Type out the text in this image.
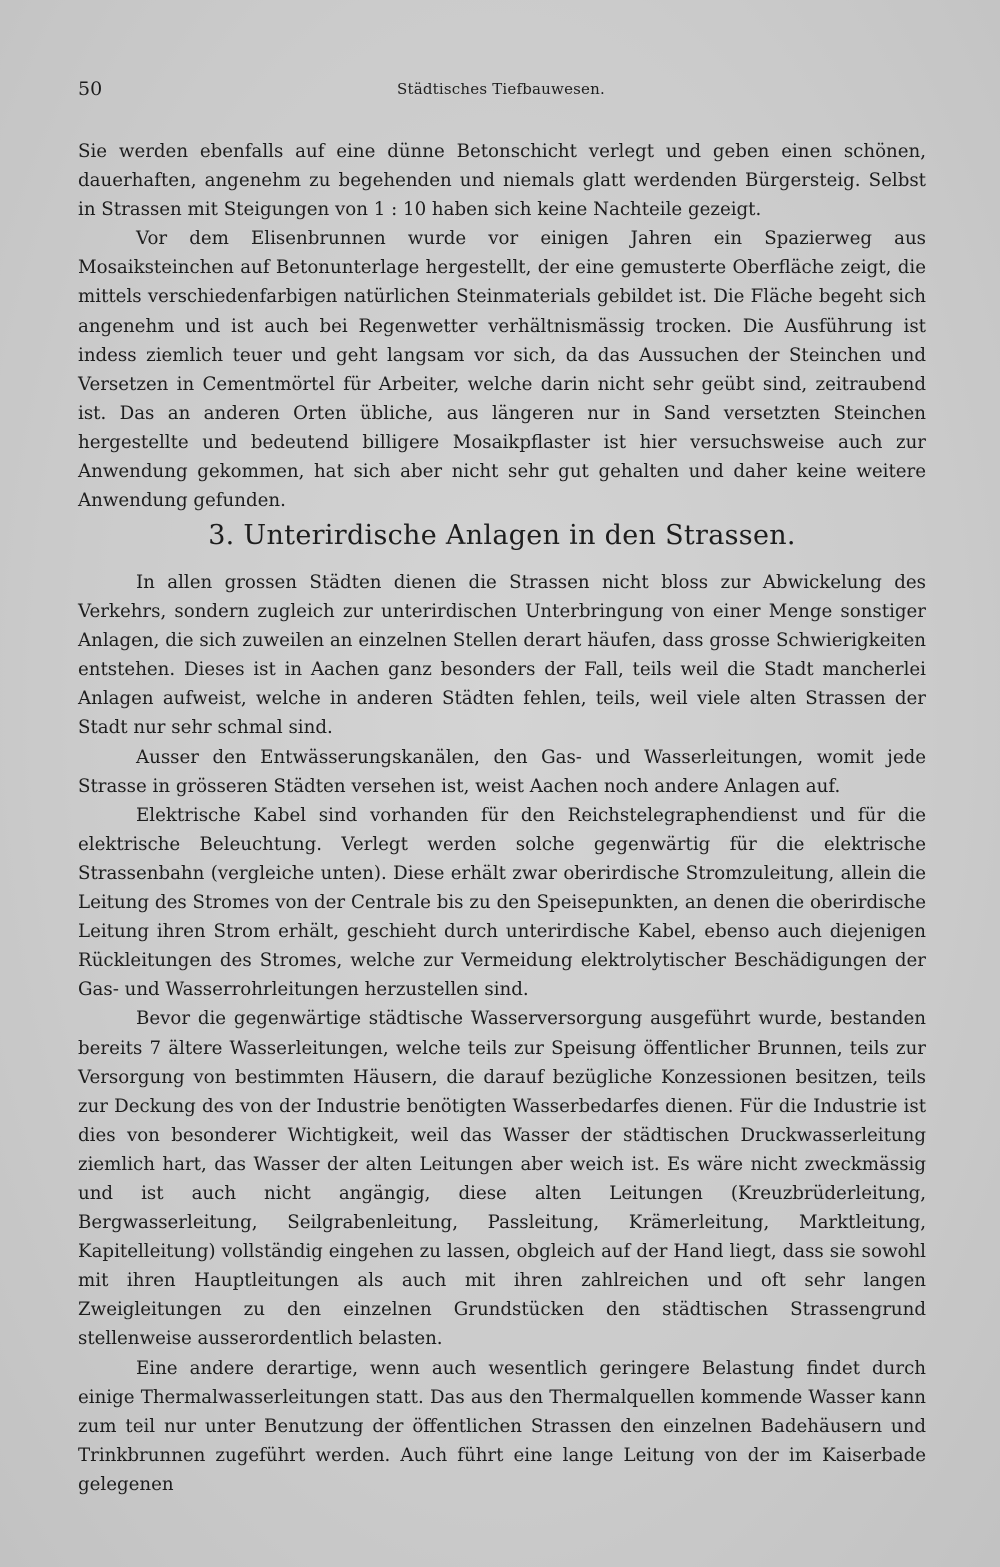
50	Städtisches Tiefbauwesen.

Sie werden ebenfalls auf eine dünne Betonschicht verlegt und geben einen schönen, dauerhaften, angenehm zu begehenden und niemals glatt werdenden Bürgersteig. Selbst in Strassen mit Steigungen von 1 : 10 haben sich keine Nachteile gezeigt.

Vor dem Elisenbrunnen wurde vor einigen Jahren ein Spazierweg aus Mosaiksteinchen auf Betonunterlage hergestellt, der eine gemusterte Oberfläche zeigt, die mittels verschiedenfarbigen natürlichen Steinmaterials gebildet ist. Die Fläche begeht sich angenehm und ist auch bei Regenwetter verhältnismässig trocken. Die Ausführung ist indess ziemlich teuer und geht langsam vor sich, da das Aussuchen der Steinchen und Versetzen in Cementmörtel für Arbeiter, welche darin nicht sehr geübt sind, zeitraubend ist. Das an anderen Orten übliche, aus längeren nur in Sand versetzten Steinchen hergestellte und bedeutend billigere Mosaikpflaster ist hier versuchsweise auch zur Anwendung gekommen, hat sich aber nicht sehr gut gehalten und daher keine weitere Anwendung gefunden.

3. Unterirdische Anlagen in den Strassen.

In allen grossen Städten dienen die Strassen nicht bloss zur Abwickelung des Verkehrs, sondern zugleich zur unterirdischen Unterbringung von einer Menge sonstiger Anlagen, die sich zuweilen an einzelnen Stellen derart häufen, dass grosse Schwierigkeiten entstehen. Dieses ist in Aachen ganz besonders der Fall, teils weil die Stadt mancherlei Anlagen aufweist, welche in anderen Städten fehlen, teils, weil viele alten Strassen der Stadt nur sehr schmal sind.

Ausser den Entwässerungskanälen, den Gas- und Wasserleitungen, womit jede Strasse in grösseren Städten versehen ist, weist Aachen noch andere Anlagen auf.

Elektrische Kabel sind vorhanden für den Reichstelegraphendienst und für die elektrische Beleuchtung. Verlegt werden solche gegenwärtig für die elektrische Strassenbahn (vergleiche unten). Diese erhält zwar oberirdische Stromzuleitung, allein die Leitung des Stromes von der Centrale bis zu den Speisepunkten, an denen die oberirdische Leitung ihren Strom erhält, geschieht durch unterirdische Kabel, ebenso auch diejenigen Rückleitungen des Stromes, welche zur Vermeidung elektrolytischer Beschädigungen der Gas- und Wasserrohrleitungen herzustellen sind.

Bevor die gegenwärtige städtische Wasserversorgung ausgeführt wurde, bestanden bereits 7 ältere Wasserleitungen, welche teils zur Speisung öffentlicher Brunnen, teils zur Versorgung von bestimmten Häusern, die darauf bezügliche Konzessionen besitzen, teils zur Deckung des von der Industrie benötigten Wasserbedarfes dienen. Für die Industrie ist dies von besonderer Wichtigkeit, weil das Wasser der städtischen Druckwasserleitung ziemlich hart, das Wasser der alten Leitungen aber weich ist. Es wäre nicht zweckmässig und ist auch nicht angängig, diese alten Leitungen (Kreuzbrüderleitung, Bergwasserleitung, Seilgrabenleitung, Passleitung, Krämerleitung, Marktleitung, Kapitelleitung) vollständig eingehen zu lassen, obgleich auf der Hand liegt, dass sie sowohl mit ihren Hauptleitungen als auch mit ihren zahlreichen und oft sehr langen Zweigleitungen zu den einzelnen Grundstücken den städtischen Strassengrund stellenweise ausserordentlich belasten.

Eine andere derartige, wenn auch wesentlich geringere Belastung findet durch einige Thermalwasserleitungen statt. Das aus den Thermalquellen kommende Wasser kann zum teil nur unter Benutzung der öffentlichen Strassen den einzelnen Badehäusern und Trinkbrunnen zugeführt werden. Auch führt eine lange Leitung von der im Kaiserbade gelegenen
